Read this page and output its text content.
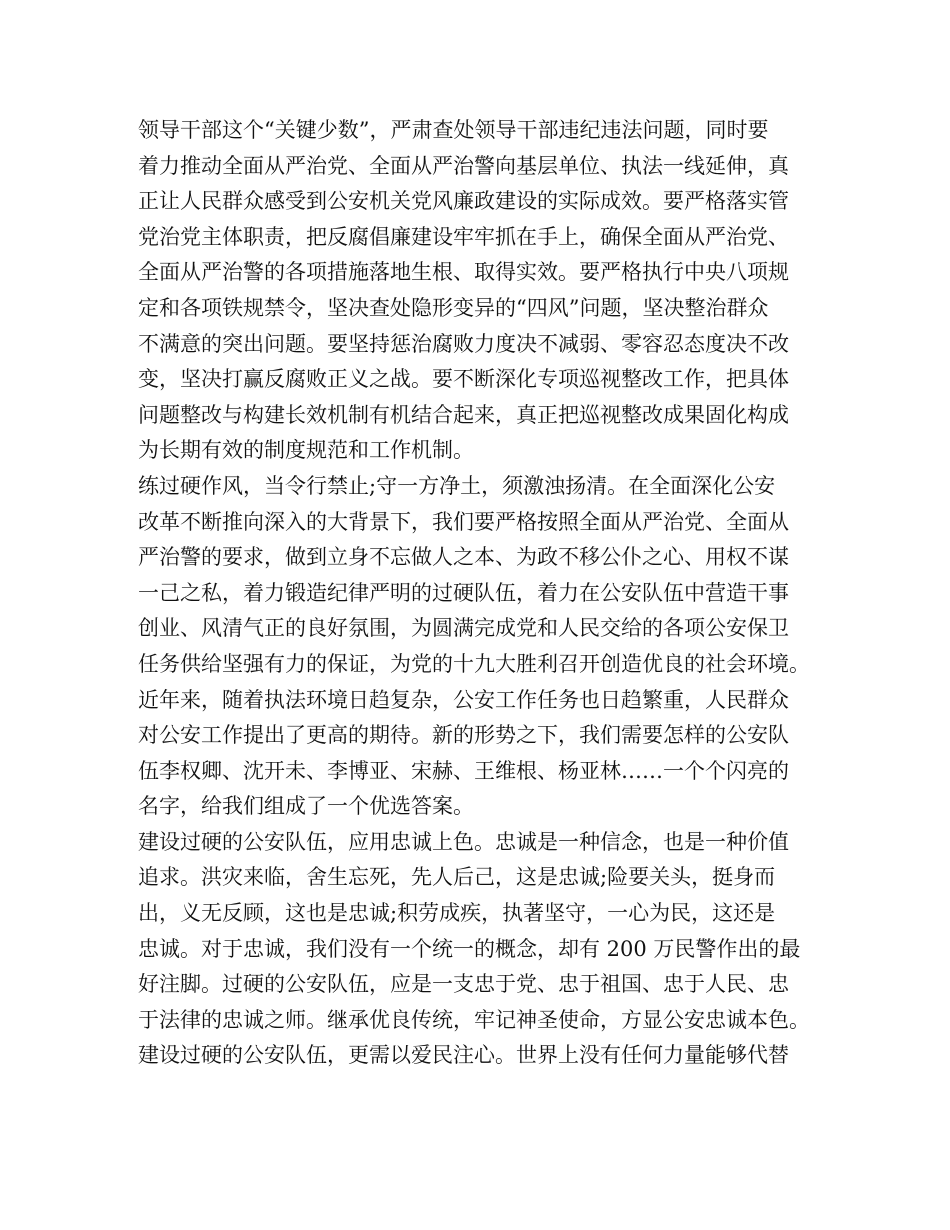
领导干部这个“关键少数”，严肃查处领导干部违纪违法问题，同时要
着力推动全面从严治党、全面从严治警向基层单位、执法一线延伸，真
正让人民群众感受到公安机关党风廉政建设的实际成效。要严格落实管
党治党主体职责，把反腐倡廉建设牢牢抓在手上，确保全面从严治党、
全面从严治警的各项措施落地生根、取得实效。要严格执行中央八项规
定和各项铁规禁令，坚决查处隐形变异的“四风”问题，坚决整治群众
不满意的突出问题。要坚持惩治腐败力度决不减弱、零容忍态度决不改
变，坚决打赢反腐败正义之战。要不断深化专项巡视整改工作，把具体
问题整改与构建长效机制有机结合起来，真正把巡视整改成果固化构成
为长期有效的制度规范和工作机制。
练过硬作风，当令行禁止;守一方净土，须激浊扬清。在全面深化公安
改革不断推向深入的大背景下，我们要严格按照全面从严治党、全面从
严治警的要求，做到立身不忘做人之本、为政不移公仆之心、用权不谋
一己之私，着力锻造纪律严明的过硬队伍，着力在公安队伍中营造干事
创业、风清气正的良好氛围，为圆满完成党和人民交给的各项公安保卫
任务供给坚强有力的保证，为党的十九大胜利召开创造优良的社会环境。
近年来，随着执法环境日趋复杂，公安工作任务也日趋繁重，人民群众
对公安工作提出了更高的期待。新的形势之下，我们需要怎样的公安队
伍李权卿、沈开未、李博亚、宋赫、王维根、杨亚林……一个个闪亮的
名字，给我们组成了一个优选答案。
建设过硬的公安队伍，应用忠诚上色。忠诚是一种信念，也是一种价值
追求。洪灾来临，舍生忘死，先人后己，这是忠诚;险要关头，挺身而
出，义无反顾，这也是忠诚;积劳成疾，执著坚守，一心为民，这还是
忠诚。对于忠诚，我们没有一个统一的概念，却有 200 万民警作出的最
好注脚。过硬的公安队伍，应是一支忠于党、忠于祖国、忠于人民、忠
于法律的忠诚之师。继承优良传统，牢记神圣使命，方显公安忠诚本色。
建设过硬的公安队伍，更需以爱民注心。世界上没有任何力量能够代替
